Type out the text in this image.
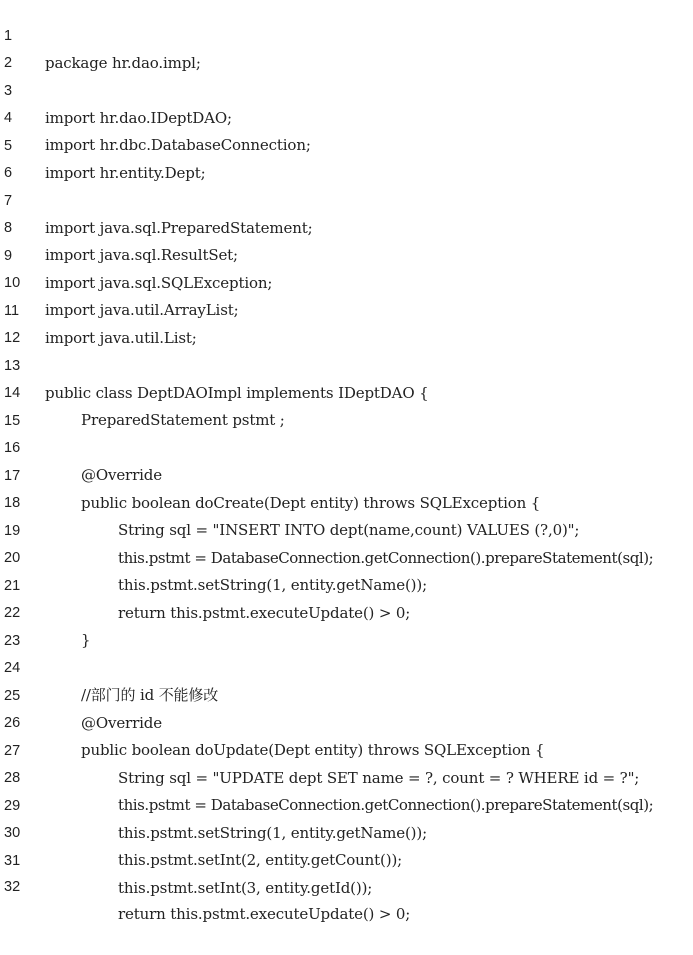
1

package hr.dao.impl;

2

3

import hr.dao.IDeptDAO;

4

import hr.dbc.DatabaseConnection;

5

import hr.entity.Dept;

6

7

import java.sql.PreparedStatement;

8

import java.sql.ResultSet;

9

import java.sql.SQLException;

10

import java.util.ArrayList;

11

import java.util.List;

12

13

public class DeptDAOImpl implements IDeptDAO {

14

PreparedStatement pstmt ;

15

16

@Override

17

public boolean doCreate(Dept entity) throws SQLException {

18

String sql = "INSERT INTO dept(name,count) VALUES (?,0)";

19

this.pstmt = DatabaseConnection.getConnection().prepareStatement(sql);

20

this.pstmt.setString(1, entity.getName());

21

return this.pstmt.executeUpdate() > 0;

22

}

23

24

//部门的 id 不能修改

25

@Override

26

public boolean doUpdate(Dept entity) throws SQLException {

27

String sql = "UPDATE dept SET name = ?, count = ? WHERE id = ?";

28

this.pstmt = DatabaseConnection.getConnection().prepareStatement(sql);

29

this.pstmt.setString(1, entity.getName());

30

this.pstmt.setInt(2, entity.getCount());

31

this.pstmt.setInt(3, entity.getId());

32

return this.pstmt.executeUpdate() > 0;
